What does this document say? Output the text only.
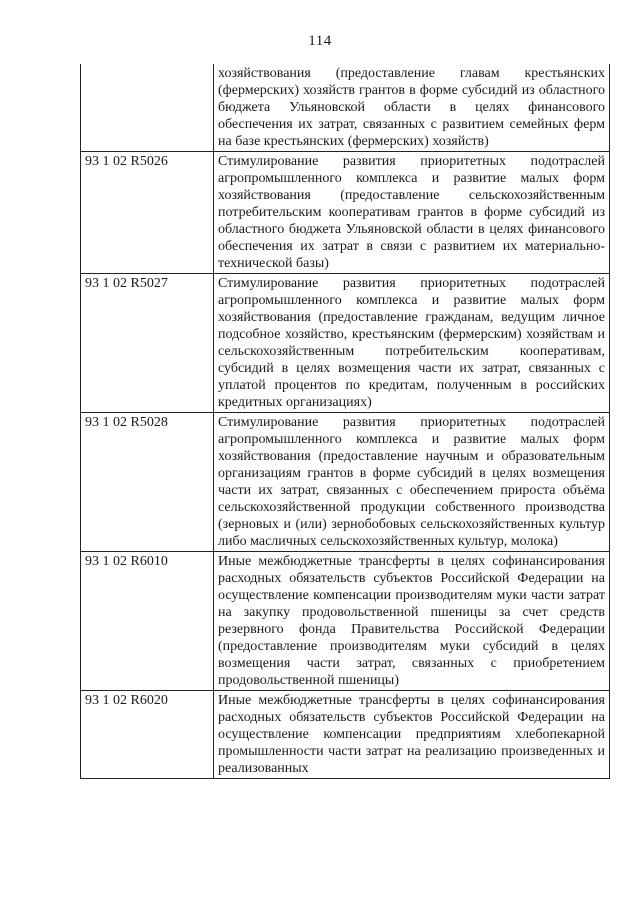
114
	хозяйствования (предоставление главам крестьянских (фермерских) хозяйств грантов в форме субсидий из областного бюджета Ульяновской области в целях финансового обеспечения их затрат, связанных с развитием семейных ферм на базе крестьянских (фермерских) хозяйств)
93 1 02 R5026	Стимулирование развития приоритетных подотраслей агропромышленного комплекса и развитие малых форм хозяйствования (предоставление сельскохозяйственным потребительским кооперативам грантов в форме субсидий из областного бюджета Ульяновской области в целях финансового обеспечения их затрат в связи с развитием их материально-технической базы)
93 1 02 R5027	Стимулирование развития приоритетных подотраслей агропромышленного комплекса и развитие малых форм хозяйствования (предоставление гражданам, ведущим личное подсобное хозяйство, крестьянским (фермерским) хозяйствам и сельскохозяйственным потребительским кооперативам, субсидий в целях возмещения части их затрат, связанных с уплатой процентов по кредитам, полученным в российских кредитных организациях)
93 1 02 R5028	Стимулирование развития приоритетных подотраслей агропромышленного комплекса и развитие малых форм хозяйствования (предоставление научным и образовательным организациям грантов в форме субсидий в целях возмещения части их затрат, связанных с обеспечением прироста объёма сельскохозяйственной продукции собственного производства (зерновых и (или) зернобобовых сельскохозяйственных культур либо масличных сельскохозяйственных культур, молока)
93 1 02 R6010	Иные межбюджетные трансферты в целях софинансирования расходных обязательств субъектов Российской Федерации на осуществление компенсации производителям муки части затрат на закупку продовольственной пшеницы за счет средств резервного фонда Правительства Российской Федерации (предоставление производителям муки субсидий в целях возмещения части затрат, связанных с приобретением продовольственной пшеницы)
93 1 02 R6020	Иные межбюджетные трансферты в целях софинансирования расходных обязательств субъектов Российской Федерации на осуществление компенсации предприятиям хлебопекарной промышленности части затрат на реализацию произведенных и реализованных
